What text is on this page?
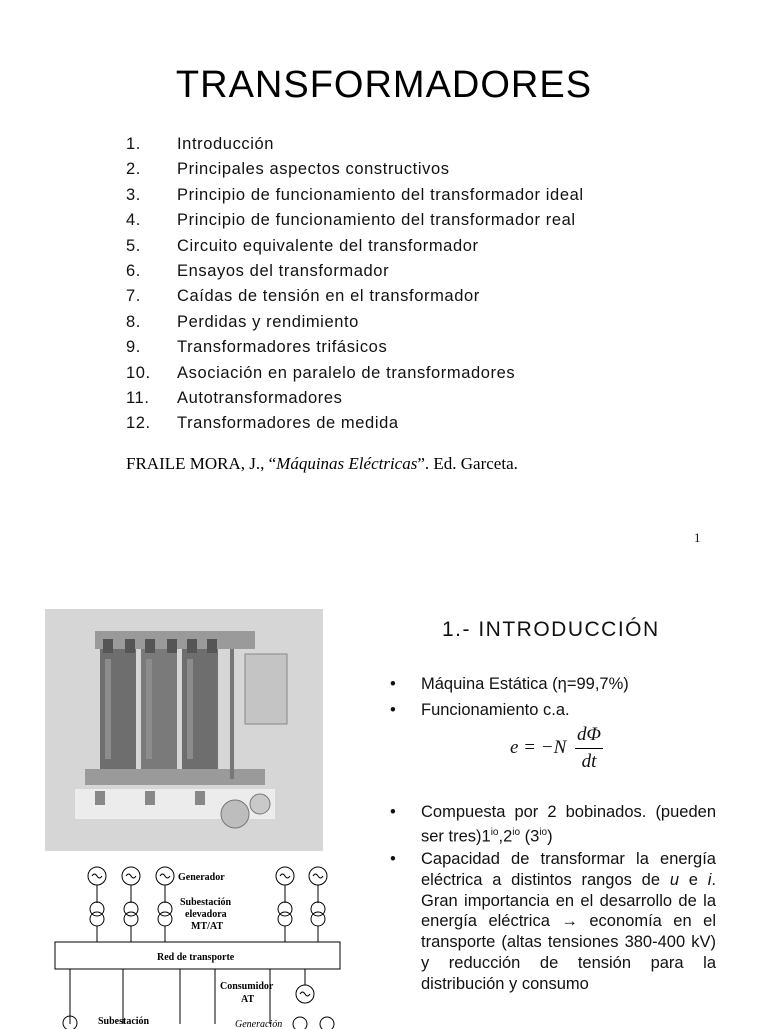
TRANSFORMADORES
1.	Introducción
2.	Principales aspectos constructivos
3.	Principio de funcionamiento del transformador ideal
4.	Principio de funcionamiento del transformador real
5.	Circuito equivalente del transformador
6.	Ensayos del transformador
7.	Caídas de tensión en el transformador
8.	Perdidas y rendimiento
9.	Transformadores trifásicos
10.	Asociación en paralelo de transformadores
11.	Autotransformadores
12.	Transformadores de medida
FRAILE MORA, J., “Máquinas Eléctricas”. Ed. Garceta.
1
1.- INTRODUCCIÓN
• Máquina Estática (η=99,7%)
• Funcionamiento c.a.
• Compuesta por 2 bobinados. (pueden ser $tres)1^{io},2^{io}$ $(3^{io})$
• Capacidad de transformar la energía eléctrica a distintos rangos de u e i. Gran importancia en el desarrollo de la energía eléctrica → economía en el transporte (altas tensiones 380-400 kV) y reducción de tensión para la distribución y consumo
$e = -N \frac{d\Phi}{dt}$
Generador
Subestación
elevadora
MT/AT
Red de transporte
Consumidor
AT
Subestación	Generación
